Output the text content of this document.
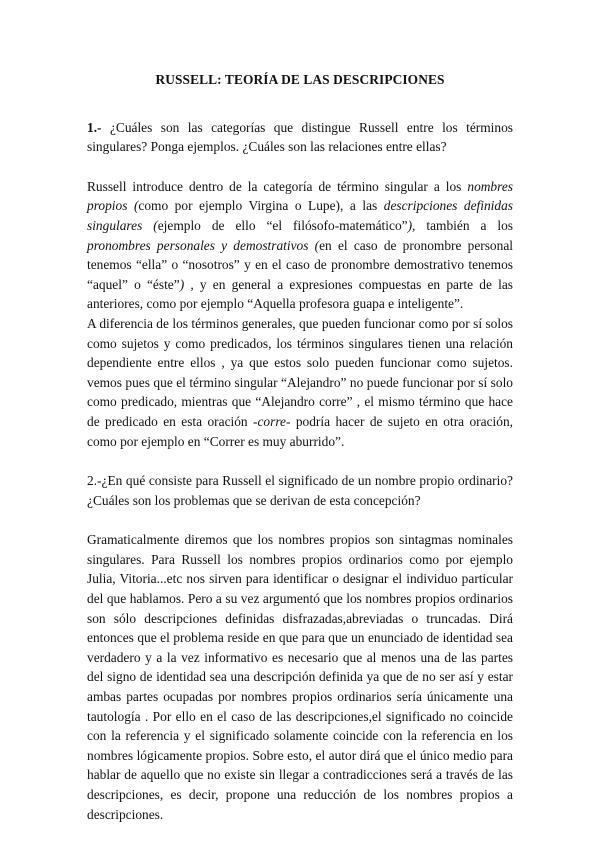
RUSSELL: TEORÍA DE LAS DESCRIPCIONES

1.- ¿Cuáles son las categorías que distingue Russell entre los términos singulares? Ponga ejemplos. ¿Cuáles son las relaciones entre ellas?

Russell introduce dentro de la categoría de término singular a los nombres propios (como por ejemplo Virgina o Lupe), a las descripciones definidas singulares (ejemplo de ello “el filósofo-matemático”), también a los pronombres personales y demostrativos (en el caso de pronombre personal tenemos “ella” o “nosotros” y en el caso de pronombre demostrativo tenemos “aquel” o “éste”) , y en general a expresiones compuestas en parte de las anteriores, como por ejemplo “Aquella profesora guapa e inteligente”.

A diferencia de los términos generales, que pueden funcionar como por sí solos como sujetos y como predicados, los términos singulares tienen una relación dependiente entre ellos , ya que estos solo pueden funcionar como sujetos. vemos pues que el término singular “Alejandro” no puede funcionar por sí solo como predicado, mientras que “Alejandro corre” , el mismo término que hace de predicado en esta oración -corre- podría hacer de sujeto en otra oración, como por ejemplo en “Correr es muy aburrido”.

2.-¿En qué consiste para Russell el significado de un nombre propio ordinario?¿Cuáles son los problemas que se derivan de esta concepción?

Gramaticalmente diremos que los nombres propios son sintagmas nominales singulares. Para Russell los nombres propios ordinarios como por ejemplo Julia, Vitoria...etc nos sirven para identificar o designar el individuo particular del que hablamos. Pero a su vez argumentó que los nombres propios ordinarios son sólo descripciones definidas disfrazadas,abreviadas o truncadas. Dirá entonces que el problema reside en que para que un enunciado de identidad sea verdadero y a la vez informativo es necesario que al menos una de las partes del signo de identidad sea una descripción definida ya que de no ser así y estar ambas partes ocupadas por nombres propios ordinarios sería únicamente una tautología . Por ello en el caso de las descripciones,el significado no coincide con la referencia y el significado solamente coincide con la referencia en los nombres lógicamente propios. Sobre esto, el autor dirá que el único medio para hablar de aquello que no existe sin llegar a contradicciones será a través de las descripciones, es decir, propone una reducción de los nombres propios a descripciones.
